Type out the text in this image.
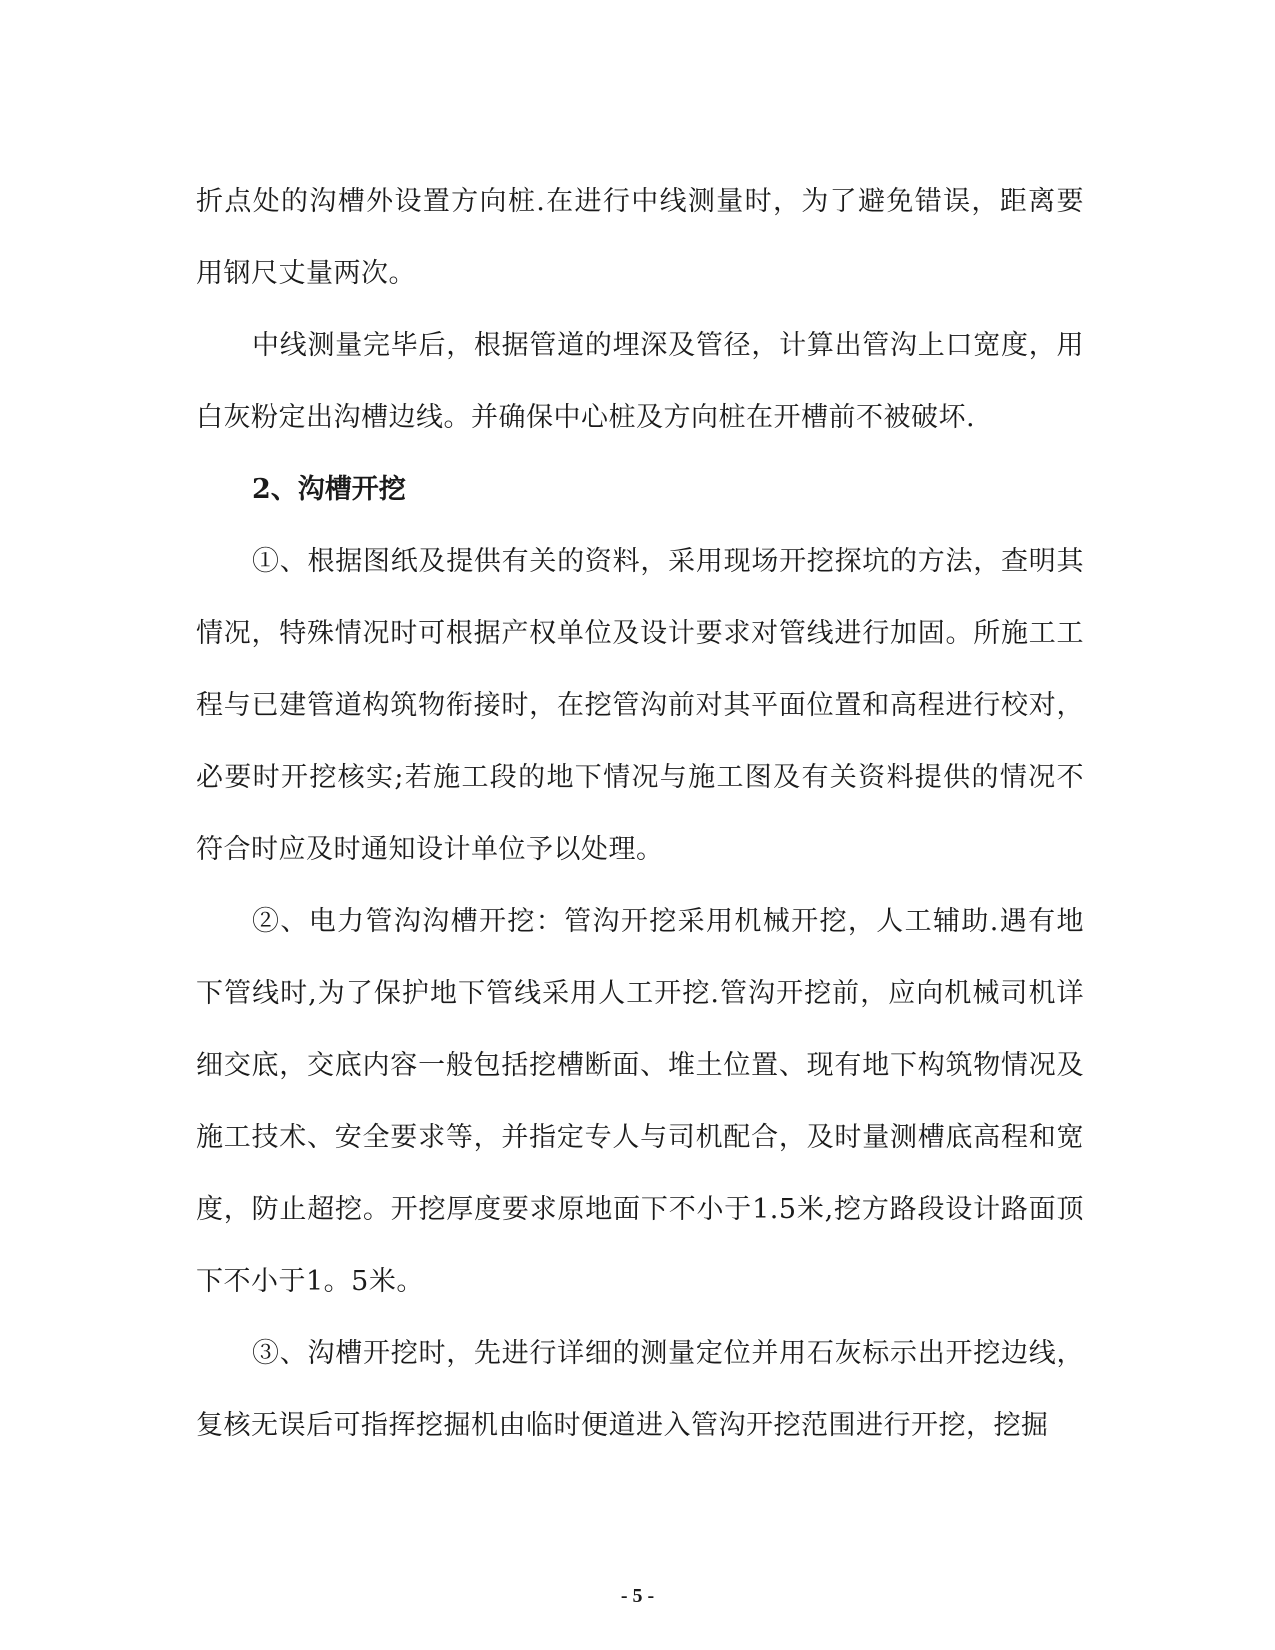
折点处的沟槽外设置方向桩.在进行中线测量时，为了避免错误，距离要用钢尺丈量两次。

中线测量完毕后，根据管道的埋深及管径，计算出管沟上口宽度，用白灰粉定出沟槽边线。并确保中心桩及方向桩在开槽前不被破坏.

2、沟槽开挖

①、根据图纸及提供有关的资料，采用现场开挖探坑的方法，查明其情况，特殊情况时可根据产权单位及设计要求对管线进行加固。所施工工程与已建管道构筑物衔接时，在挖管沟前对其平面位置和高程进行校对，必要时开挖核实;若施工段的地下情况与施工图及有关资料提供的情况不符合时应及时通知设计单位予以处理。

②、电力管沟沟槽开挖：管沟开挖采用机械开挖，人工辅助.遇有地下管线时,为了保护地下管线采用人工开挖.管沟开挖前，应向机械司机详细交底，交底内容一般包括挖槽断面、堆土位置、现有地下构筑物情况及施工技术、安全要求等，并指定专人与司机配合，及时量测槽底高程和宽度，防止超挖。开挖厚度要求原地面下不小于1.5米,挖方路段设计路面顶下不小于1。5米。

③、沟槽开挖时，先进行详细的测量定位并用石灰标示出开挖边线，复核无误后可指挥挖掘机由临时便道进入管沟开挖范围进行开挖，挖掘

- 5 -
